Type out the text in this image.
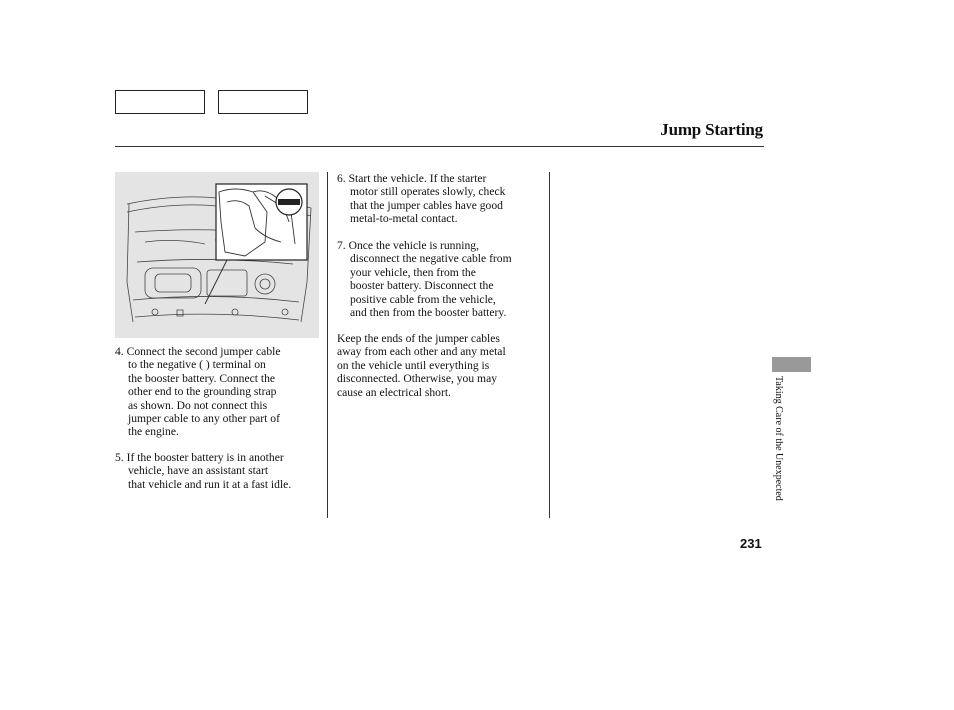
Jump Starting
4. Connect the second jumper cable
to the negative ( ) terminal on
the booster battery. Connect the
other end to the grounding strap
as shown. Do not connect this
jumper cable to any other part of
the engine.
5. If the booster battery is in another
vehicle, have an assistant start
that vehicle and run it at a fast idle.
6. Start the vehicle. If the starter
motor still operates slowly, check
that the jumper cables have good
metal-to-metal contact.
7. Once the vehicle is running,
disconnect the negative cable from
your vehicle, then from the
booster battery. Disconnect the
positive cable from the vehicle,
and then from the booster battery.
Keep the ends of the jumper cables
away from each other and any metal
on the vehicle until everything is
disconnected. Otherwise, you may
cause an electrical short.	Taking Care of the Unexpected
231
